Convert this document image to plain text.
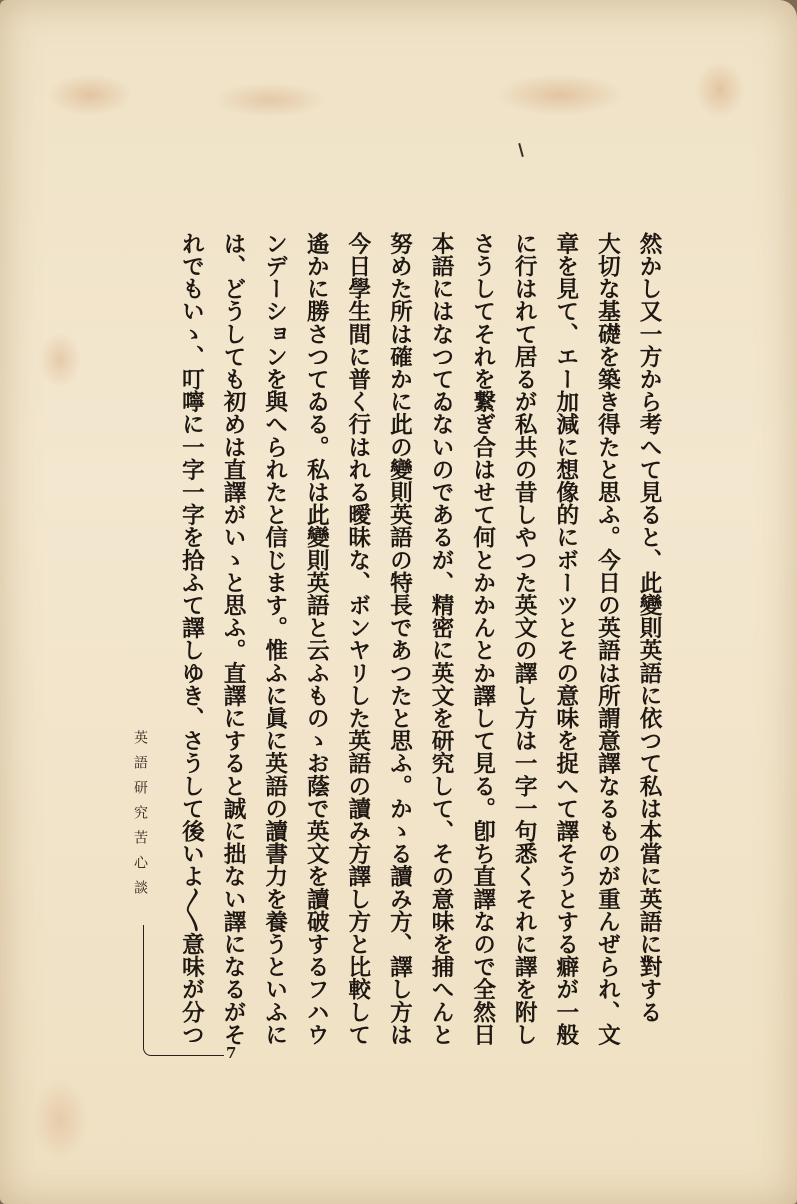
然かし又一方から考へて見ると、此變則英語に依つて私は本當に英語に對する
大切な基礎を築き得たと思ふ。今日の英語は所謂意譯なるものが重んぜられ、文
章を見て、エー加減に想像的にボーツとその意味を捉へて譯そうとする癖が一般
に行はれて居るが私共の昔しやつた英文の譯し方は一字一句悉くそれに譯を附し
さうしてそれを繋ぎ合はせて何とかかんとか譯して見る。卽ち直譯なので全然日
本語にはなつてゐないのであるが、精密に英文を研究して、その意味を捕へんと
努めた所は確かに此の變則英語の特長であつたと思ふ。かゝる讀み方、譯し方は
今日學生間に普く行はれる曖昧な、ボンヤリした英語の讀み方譯し方と比較して
遙かに勝さつてゐる。私は此變則英語と云ふものゝお蔭で英文を讀破するフハウ
ンデーションを與へられたと信じます。惟ふに眞に英語の讀書力を養うといふに
は、どうしても初めは直譯がいゝと思ふ。直譯にすると誠に拙ない譯になるがそ
れでもいゝ、叮嚀に一字一字を拾ふて譯しゆき、さうして後いよ〳〵意味が分つ
英語研究苦心談
7
